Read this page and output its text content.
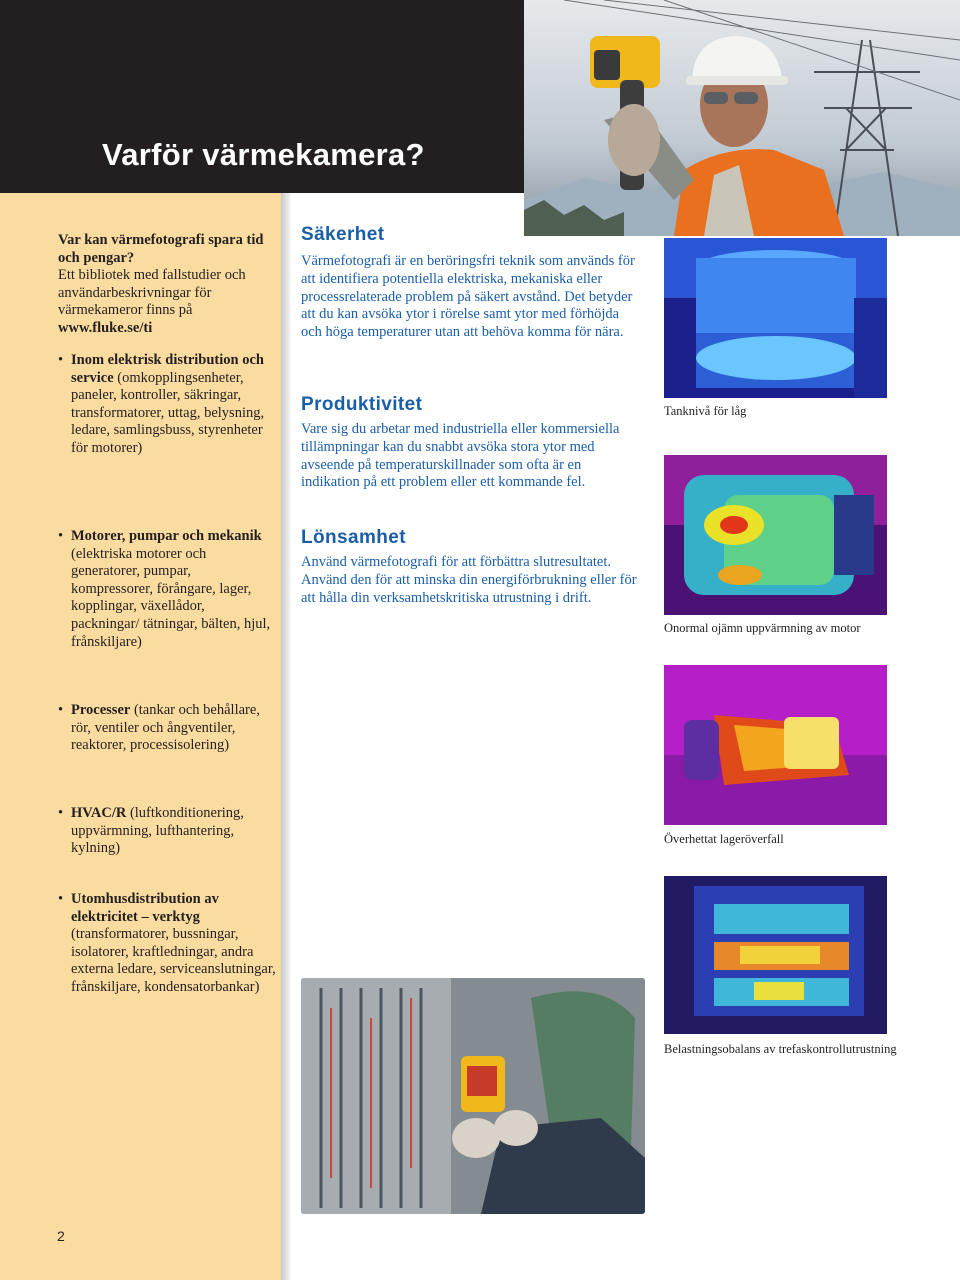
Varför värmekamera?
Var kan värmefotografi spara tid och pengar?
Ett bibliotek med fallstudier och användarbeskrivningar för värmekameror finns på
www.fluke.se/ti
• Inom elektrisk distribution och service (omkopplingsenheter, paneler, kontroller, säkringar, transformatorer, uttag, belysning, ledare, samlingsbuss, styrenheter för motorer)
• Motorer, pumpar och mekanik (elektriska motorer och generatorer, pumpar, kompressorer, förångare, lager, kopplingar, växellådor, packningar/ tätningar, bälten, hjul, frånskiljare)
• Processer (tankar och behållare, rör, ventiler och ångventiler, reaktorer, processisolering)
• HVAC/R (luftkonditionering, uppvärmning, lufthantering, kylning)
• Utomhusdistribution av elektricitet – verktyg (transformatorer, bussningar, isolatorer, kraftledningar, andra externa ledare, serviceanslutningar, frånskiljare, kondensatorbankar)
2
Säkerhet

Värmefotografi är en beröringsfri teknik som används för att identifiera potentiella elektriska, mekaniska eller processrelaterade problem på säkert avstånd. Det betyder att du kan avsöka ytor i rörelse samt ytor med förhöjda och höga temperaturer utan att behöva komma för nära.

Produktivitet

Vare sig du arbetar med industriella eller kommersiella tillämpningar kan du snabbt avsöka stora ytor med avseende på temperaturskillnader som ofta är en indikation på ett problem eller ett kommande fel.

Lönsamhet

Använd värmefotografi för att förbättra slutresultatet. Använd den för att minska din energiförbrukning eller för att hålla din verksamhetskritiska utrustning i drift.

Tanknivå för låg
Onormal ojämn uppvärmning av motor
Överhettat lageröverfall
Belastningsobalans av trefaskontrollutrustning
